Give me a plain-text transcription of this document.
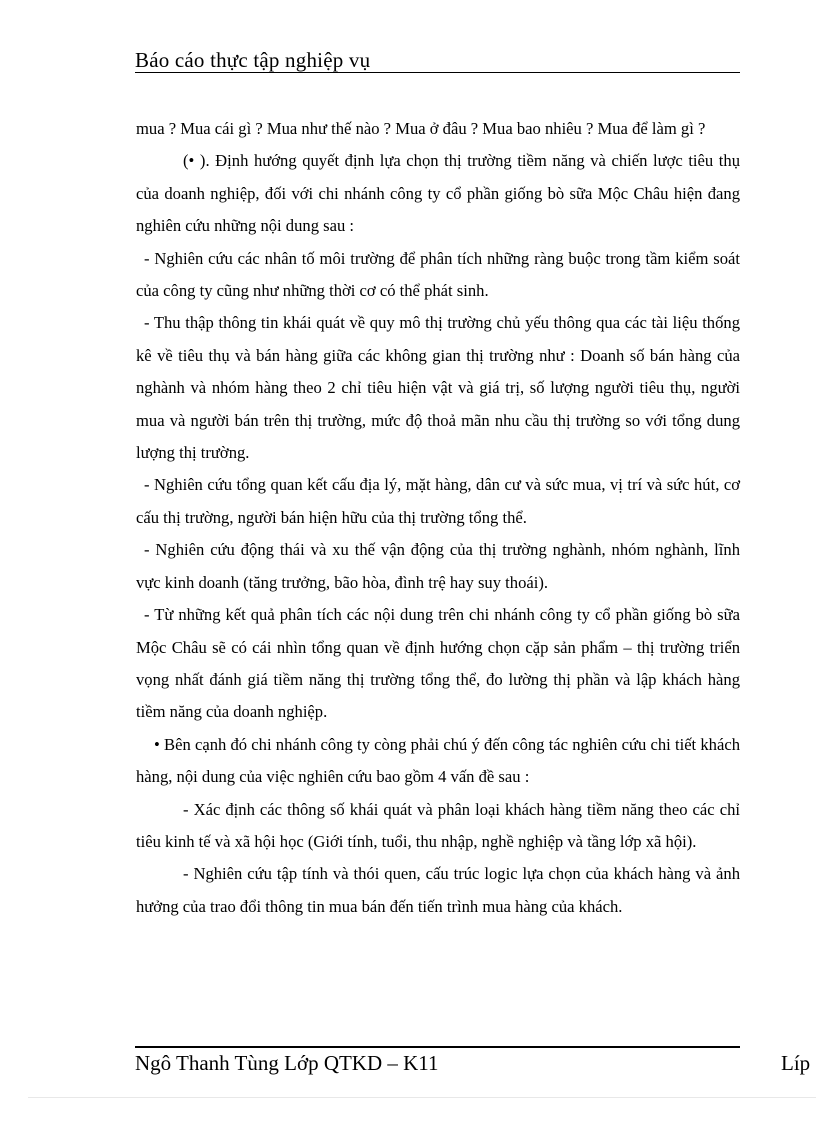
Báo cáo thực tập nghiệp vụ

mua ? Mua cái gì ? Mua như thế nào ? Mua ở đâu ? Mua bao nhiêu ? Mua để làm gì ?

(• ). Định hướng quyết định lựa chọn thị trường tiềm năng và chiến lược tiêu thụ của doanh nghiệp, đối với chi nhánh công ty cổ phần giống bò sữa Mộc Châu hiện đang nghiên cứu những nội dung sau :

- Nghiên cứu các nhân tố môi trường để phân tích những ràng buộc trong tầm kiểm soát của công ty cũng như những thời cơ có thể phát sinh.

- Thu thập thông tin khái quát về quy mô thị trường chủ yếu thông qua các tài liệu thống kê về tiêu thụ và bán hàng giữa các không gian thị trường như : Doanh số bán hàng của nghành và nhóm hàng theo 2 chỉ tiêu hiện vật và giá trị, số lượng người tiêu thụ, người mua và người bán trên thị trường, mức độ thoả mãn nhu cầu thị trường so với tổng dung lượng thị trường.

- Nghiên cứu tổng quan kết cấu địa lý, mặt hàng, dân cư và sức mua, vị trí và sức hút, cơ cấu thị trường, người bán hiện hữu của thị trường tổng thể.

- Nghiên cứu động thái và xu thế vận động của thị trường nghành, nhóm nghành, lĩnh vực kinh doanh (tăng trưởng, bão hòa, đình trệ hay suy thoái).

- Từ những kết quả phân tích các nội dung trên chi nhánh công ty cổ phần giống bò sữa Mộc Châu sẽ có cái nhìn tổng quan về định hướng chọn cặp sản phẩm – thị trường triển vọng nhất đánh giá tiềm năng thị trường tổng thể, đo lường thị phần và lập khách hàng tiềm năng của doanh nghiệp.

• Bên cạnh đó chi nhánh công ty còng phải chú ý đến công tác nghiên cứu chi tiết khách hàng, nội dung của việc nghiên cứu bao gồm 4 vấn đề sau :

- Xác định các thông số khái quát và phân loại khách hàng tiềm năng theo các chỉ tiêu kinh tế và xã hội học (Giới tính, tuổi, thu nhập, nghề nghiệp và tầng lớp xã hội).

- Nghiên cứu tập tính và thói quen, cấu trúc logic lựa chọn của khách hàng và ảnh hưởng của trao đổi thông tin mua bán đến tiến trình mua hàng của khách.

Ngô Thanh Tùng Lớp QTKD – K11	Líp
